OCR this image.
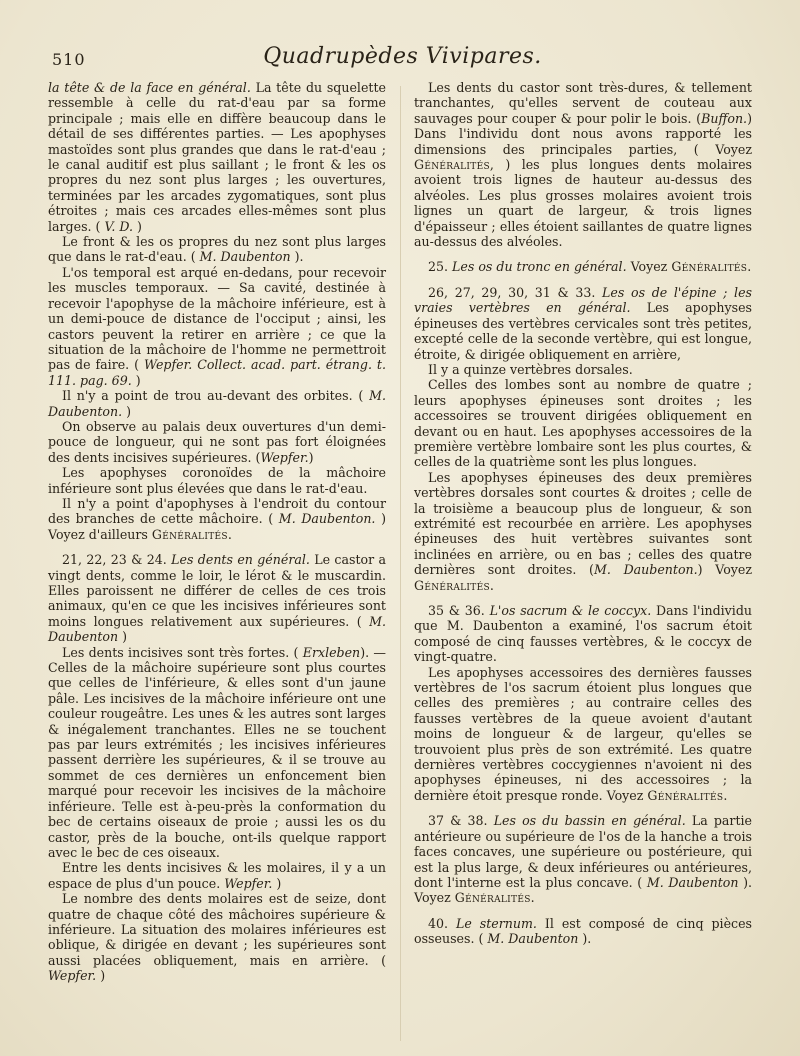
510	Quadrupèdes Vivipares.

la tête & de la face en général. La tête du squelette ressemble à celle du rat-d'eau par sa forme principale ; mais elle en diffère beaucoup dans le détail de ses différentes parties. — Les apophyses mastoïdes sont plus grandes que dans le rat-d'eau ; le canal auditif est plus saillant ; le front & les os propres du nez sont plus larges ; les ouvertures, terminées par les arcades zygomatiques, sont plus étroites ; mais ces arcades elles-mêmes sont plus larges. ( V. D. )

Le front & les os propres du nez sont plus larges que dans le rat-d'eau. ( M. Daubenton ).

L'os temporal est arqué en-dedans, pour recevoir les muscles temporaux. — Sa cavité, destinée à recevoir l'apophyse de la mâchoire inférieure, est à un demi-pouce de distance de l'occiput ; ainsi, les castors peuvent la retirer en arrière ; ce que la situation de la mâchoire de l'homme ne permettroit pas de faire. ( Wepfer. Collect. acad. part. étrang. t. 111. pag. 69. )

Il n'y a point de trou au-devant des orbites. ( M. Daubenton. )

On observe au palais deux ouvertures d'un demi-pouce de longueur, qui ne sont pas fort éloignées des dents incisives supérieures. (Wepfer.)

Les apophyses coronoïdes de la mâchoire inférieure sont plus élevées que dans le rat-d'eau.

Il n'y a point d'apophyses à l'endroit du contour des branches de cette mâchoire. ( M. Daubenton. ) Voyez d'ailleurs Généralités.

21, 22, 23 & 24. Les dents en général. Le castor a vingt dents, comme le loir, le lérot & le muscardin. Elles paroissent ne différer de celles de ces trois animaux, qu'en ce que les incisives inférieures sont moins longues relativement aux supérieures. ( M. Daubenton )

Les dents incisives sont très fortes. ( Erxleben). — Celles de la mâchoire supérieure sont plus courtes que celles de l'inférieure, & elles sont d'un jaune pâle. Les incisives de la mâchoire inférieure ont une couleur rougeâtre. Les unes & les autres sont larges & inégalement tranchantes. Elles ne se touchent pas par leurs extrémités ; les incisives inférieures passent derrière les supérieures, & il se trouve au sommet de ces dernières un enfoncement bien marqué pour recevoir les incisives de la mâchoire inférieure. Telle est à-peu-près la conformation du bec de certains oiseaux de proie ; aussi les os du castor, près de la bouche, ont-ils quelque rapport avec le bec de ces oiseaux.

Entre les dents incisives & les molaires, il y a un espace de plus d'un pouce. Wepfer. )

Le nombre des dents molaires est de seize, dont quatre de chaque côté des mâchoires supérieure & inférieure. La situation des molaires inférieures est oblique, & dirigée en devant ; les supérieures sont aussi placées obliquement, mais en arrière. ( Wepfer. )

Les dents du castor sont très-dures, & tellement tranchantes, qu'elles servent de couteau aux sauvages pour couper & pour polir le bois. (Buffon.) Dans l'individu dont nous avons rapporté les dimensions des principales parties, ( Voyez Généralités, ) les plus longues dents molaires avoient trois lignes de hauteur au-dessus des alvéoles. Les plus grosses molaires avoient trois lignes un quart de largeur, & trois lignes d'épaisseur ; elles étoient saillantes de quatre lignes au-dessus des alvéoles.

25. Les os du tronc en général. Voyez Généralités.

26, 27, 29, 30, 31 & 33. Les os de l'épine ; les vraies vertèbres en général. Les apophyses épineuses des vertèbres cervicales sont très petites, excepté celle de la seconde vertèbre, qui est longue, étroite, & dirigée obliquement en arrière,

Il y a quinze vertèbres dorsales.

Celles des lombes sont au nombre de quatre ; leurs apophyses épineuses sont droites ; les accessoires se trouvent dirigées obliquement en devant ou en haut. Les apophyses accessoires de la première vertèbre lombaire sont les plus courtes, & celles de la quatrième sont les plus longues.

Les apophyses épineuses des deux premières vertèbres dorsales sont courtes & droites ; celle de la troisième a beaucoup plus de longueur, & son extrémité est recourbée en arrière. Les apophyses épineuses des huit vertèbres suivantes sont inclinées en arrière, ou en bas ; celles des quatre dernières sont droites. (M. Daubenton.) Voyez Généralités.

35 & 36. L'os sacrum & le coccyx. Dans l'individu que M. Daubenton a examiné, l'os sacrum étoit composé de cinq fausses vertèbres, & le coccyx de vingt-quatre.

Les apophyses accessoires des dernières fausses vertèbres de l'os sacrum étoient plus longues que celles des premières ; au contraire celles des fausses vertèbres de la queue avoient d'autant moins de longueur & de largeur, qu'elles se trouvoient plus près de son extrémité. Les quatre dernières vertèbres coccygiennes n'avoient ni des apophyses épineuses, ni des accessoires ; la dernière étoit presque ronde. Voyez Généralités.

37 & 38. Les os du bassin en général. La partie antérieure ou supérieure de l'os de la hanche a trois faces concaves, une supérieure ou postérieure, qui est la plus large, & deux inférieures ou antérieures, dont l'interne est la plus concave. ( M. Daubenton ). Voyez Généralités.

40. Le sternum. Il est composé de cinq pièces osseuses. ( M. Daubenton ).
